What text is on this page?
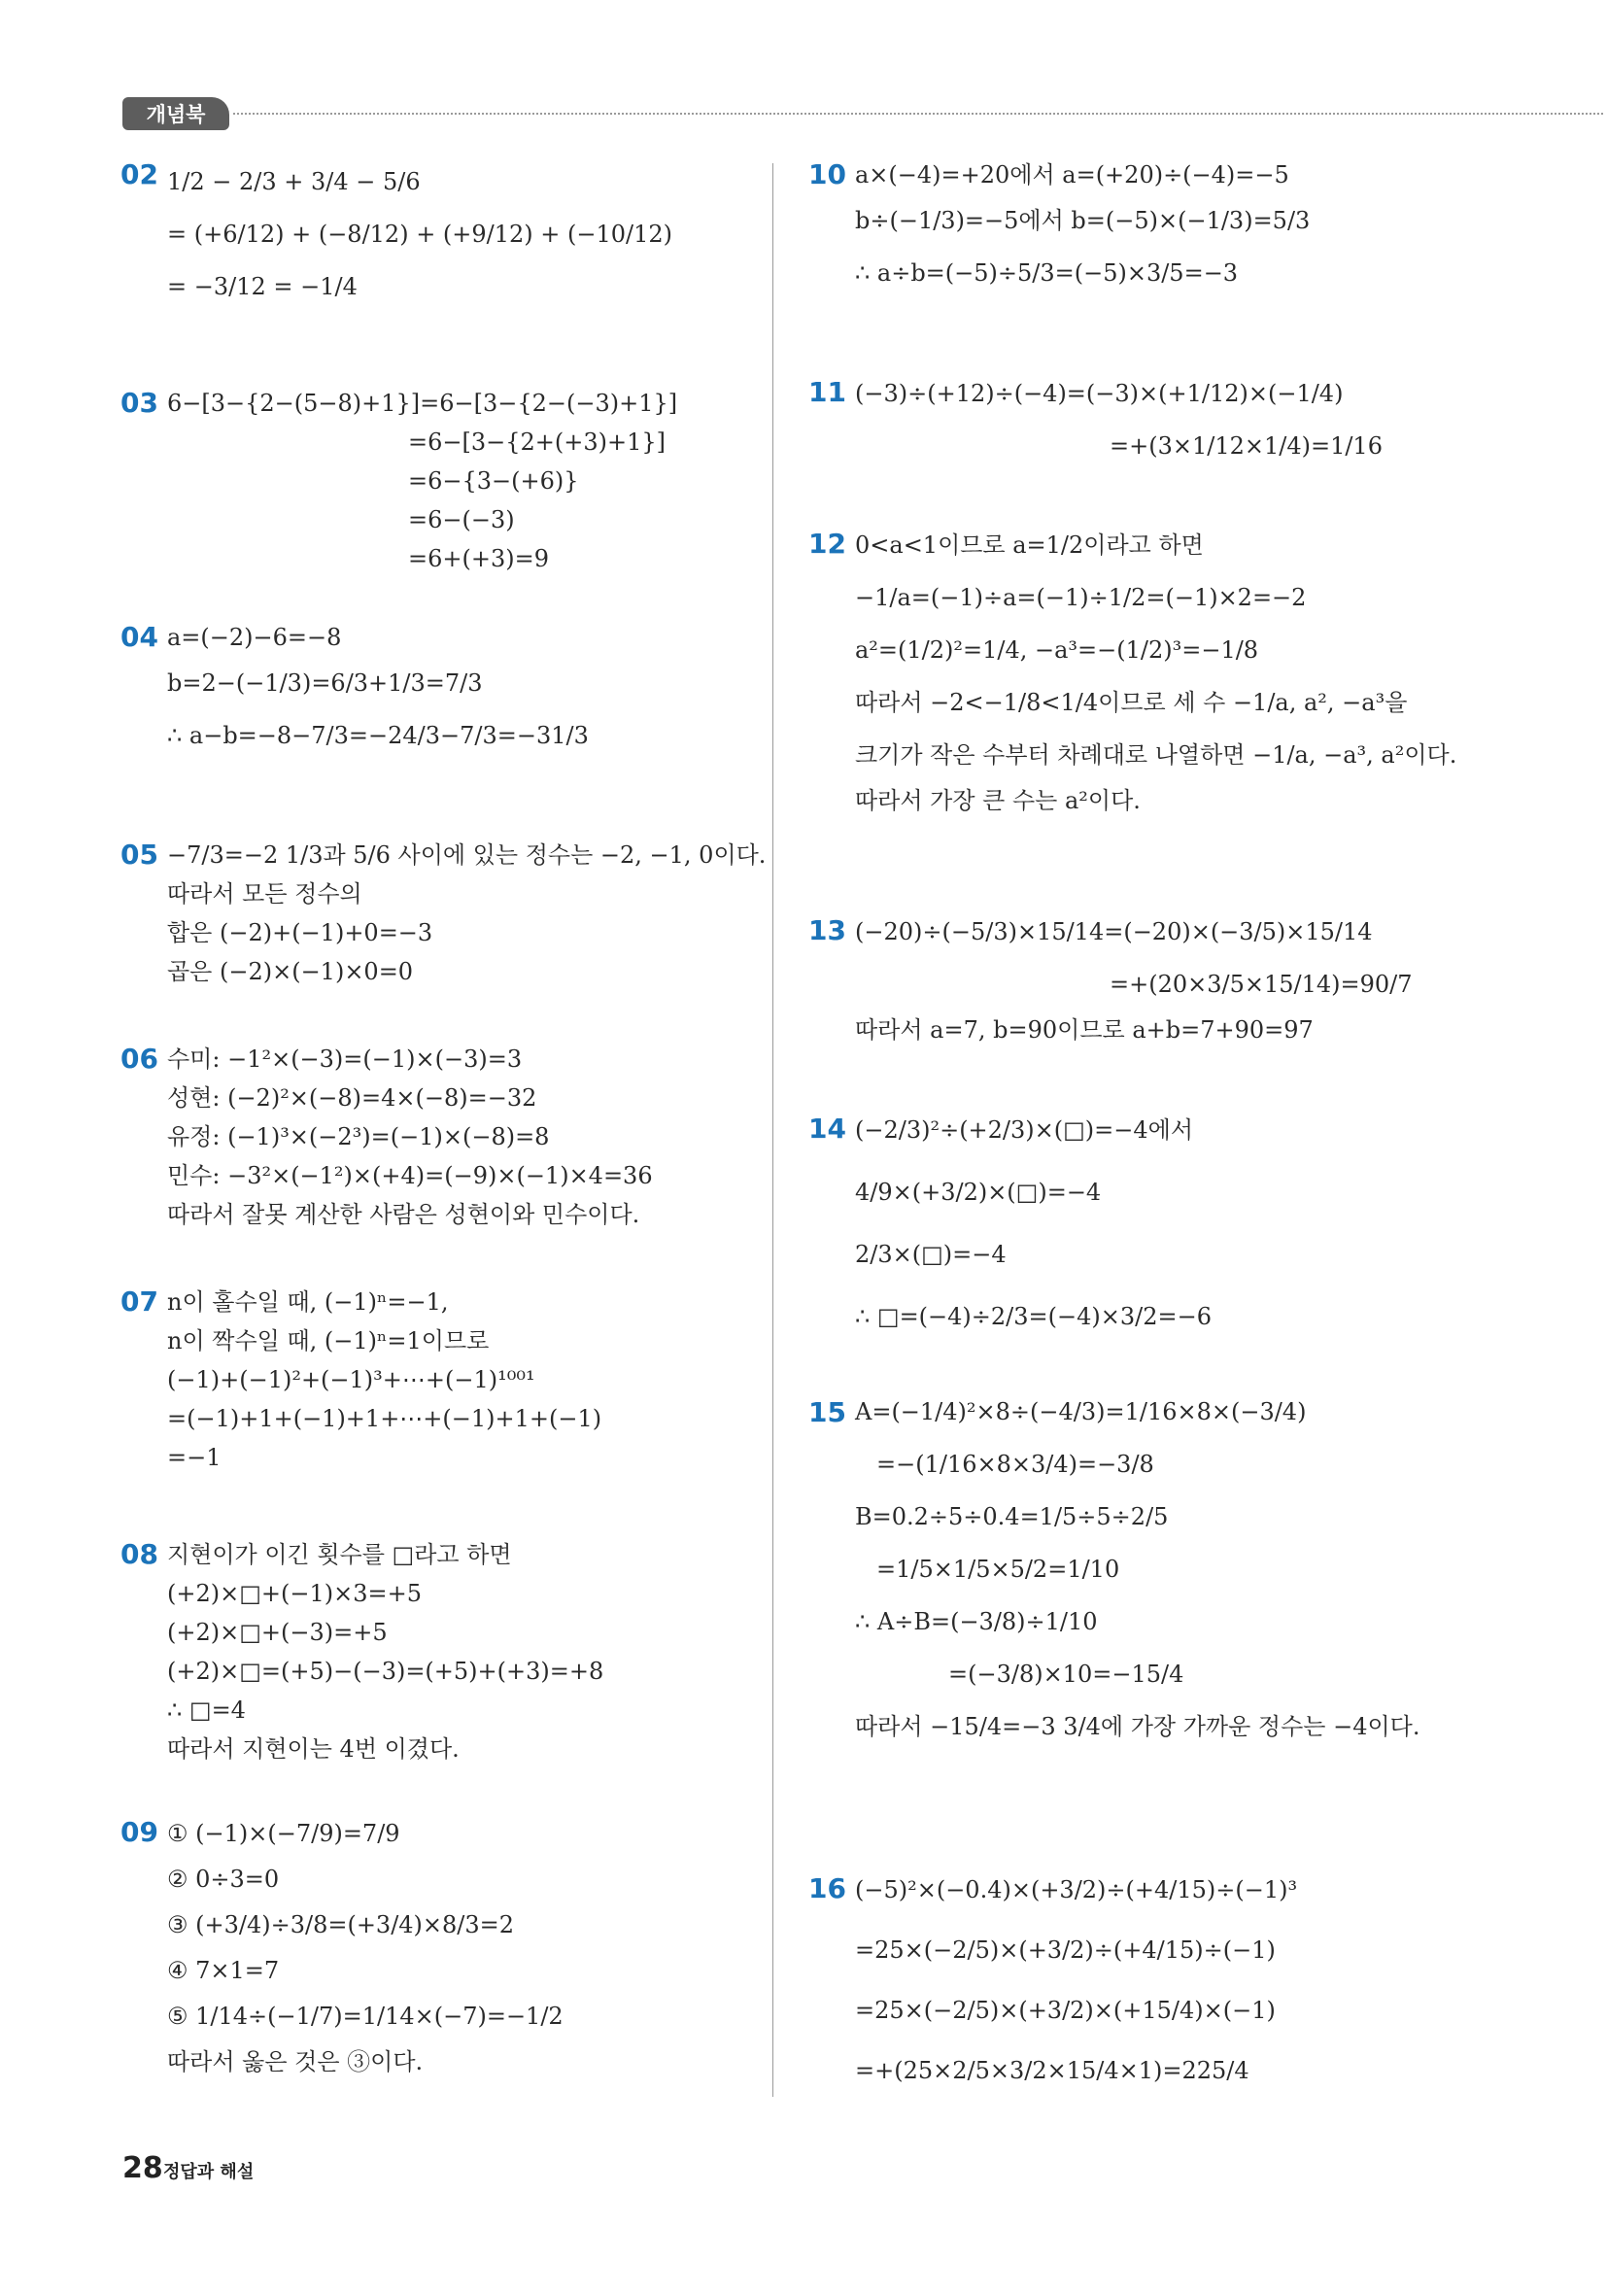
개념북
02 1/2 − 2/3 + 3/4 − 5/6
= (+6/12) + (−8/12) + (+9/12) + (−10/12)
= −3/12 = −1/4
03 6−[3−{2−(5−8)+1}]=6−[3−{2−(−3)+1}]
=6−[3−{2+(+3)+1}]
=6−{3−(+6)}
=6−(−3)
=6+(+3)=9
04 a=(−2)−6=−8
b=2−(−1/3)=6/3+1/3=7/3
∴ a−b=−8−7/3=−24/3−7/3=−31/3
05 −7/3=−2 1/3과 5/6 사이에 있는 정수는 −2, −1, 0이다.
따라서 모든 정수의
합은 (−2)+(−1)+0=−3
곱은 (−2)×(−1)×0=0
06 수미: −1²×(−3)=(−1)×(−3)=3
성현: (−2)²×(−8)=4×(−8)=−32
유정: (−1)³×(−2³)=(−1)×(−8)=8
민수: −3²×(−1²)×(+4)=(−9)×(−1)×4=36
따라서 잘못 계산한 사람은 성현이와 민수이다.
07 n이 홀수일 때, (−1)ⁿ=−1,
n이 짝수일 때, (−1)ⁿ=1이므로
(−1)+(−1)²+(−1)³+⋯+(−1)¹⁰⁰¹
=(−1)+1+(−1)+1+⋯+(−1)+1+(−1)
=−1
08 지현이가 이긴 횟수를 □라고 하면
(+2)×□+(−1)×3=+5
(+2)×□+(−3)=+5
(+2)×□=(+5)−(−3)=(+5)+(+3)=+8
∴ □=4
따라서 지현이는 4번 이겼다.
09 ① (−1)×(−7/9)=7/9
② 0÷3=0
③ (+3/4)÷3/8=(+3/4)×8/3=2
④ 7×1=7
⑤ 1/14÷(−1/7)=1/14×(−7)=−1/2
따라서 옳은 것은 ③이다.
10 a×(−4)=+20에서 a=(+20)÷(−4)=−5
b÷(−1/3)=−5에서 b=(−5)×(−1/3)=5/3
∴ a÷b=(−5)÷5/3=(−5)×3/5=−3
11 (−3)÷(+12)÷(−4)=(−3)×(+1/12)×(−1/4)
=+(3×1/12×1/4)=1/16
12 0<a<1이므로 a=1/2이라고 하면
−1/a=(−1)÷a=(−1)÷1/2=(−1)×2=−2
a²=(1/2)²=1/4, −a³=−(1/2)³=−1/8
따라서 −2<−1/8<1/4이므로 세 수 −1/a, a², −a³을
크기가 작은 수부터 차례대로 나열하면 −1/a, −a³, a²이다.
따라서 가장 큰 수는 a²이다.
13 (−20)÷(−5/3)×15/14=(−20)×(−3/5)×15/14
=+(20×3/5×15/14)=90/7
따라서 a=7, b=90이므로 a+b=7+90=97
14 (−2/3)²÷(+2/3)×(□)=−4에서
4/9×(+3/2)×(□)=−4
2/3×(□)=−4
∴ □=(−4)÷2/3=(−4)×3/2=−6
15 A=(−1/4)²×8÷(−4/3)=1/16×8×(−3/4)
=−(1/16×8×3/4)=−3/8
B=0.2÷5÷0.4=1/5÷5÷2/5
=1/5×1/5×5/2=1/10
∴ A÷B=(−3/8)÷1/10
=(−3/8)×10=−15/4
따라서 −15/4=−3 3/4에 가장 가까운 정수는 −4이다.
16 (−5)²×(−0.4)×(+3/2)÷(+4/15)÷(−1)³
=25×(−2/5)×(+3/2)÷(+4/15)÷(−1)
=25×(−2/5)×(+3/2)×(+15/4)×(−1)
=+(25×2/5×3/2×15/4×1)=225/4
28 정답과 해설
